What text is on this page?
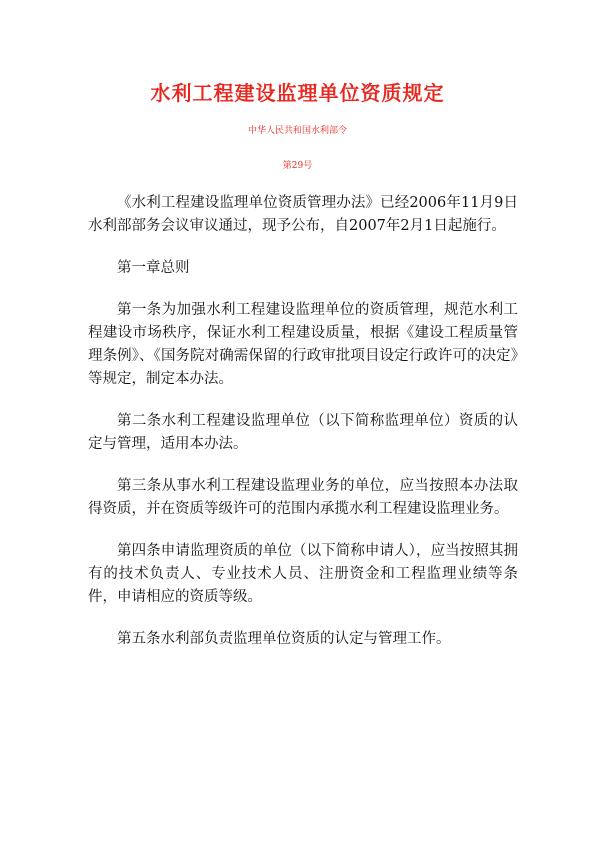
水利工程建设监理单位资质规定
中华人民共和国水利部令
第29号

《水利工程建设监理单位资质管理办法》已经2006年11月9日水利部部务会议审议通过，现予公布，自2007年2月1日起施行。

第一章总则

第一条为加强水利工程建设监理单位的资质管理，规范水利工程建设市场秩序，保证水利工程建设质量，根据《建设工程质量管理条例》、《国务院对确需保留的行政审批项目设定行政许可的决定》等规定，制定本办法。

第二条水利工程建设监理单位（以下简称监理单位）资质的认定与管理，适用本办法。

第三条从事水利工程建设监理业务的单位，应当按照本办法取得资质，并在资质等级许可的范围内承揽水利工程建设监理业务。

第四条申请监理资质的单位（以下简称申请人），应当按照其拥有的技术负责人、专业技术人员、注册资金和工程监理业绩等条件，申请相应的资质等级。

第五条水利部负责监理单位资质的认定与管理工作。
